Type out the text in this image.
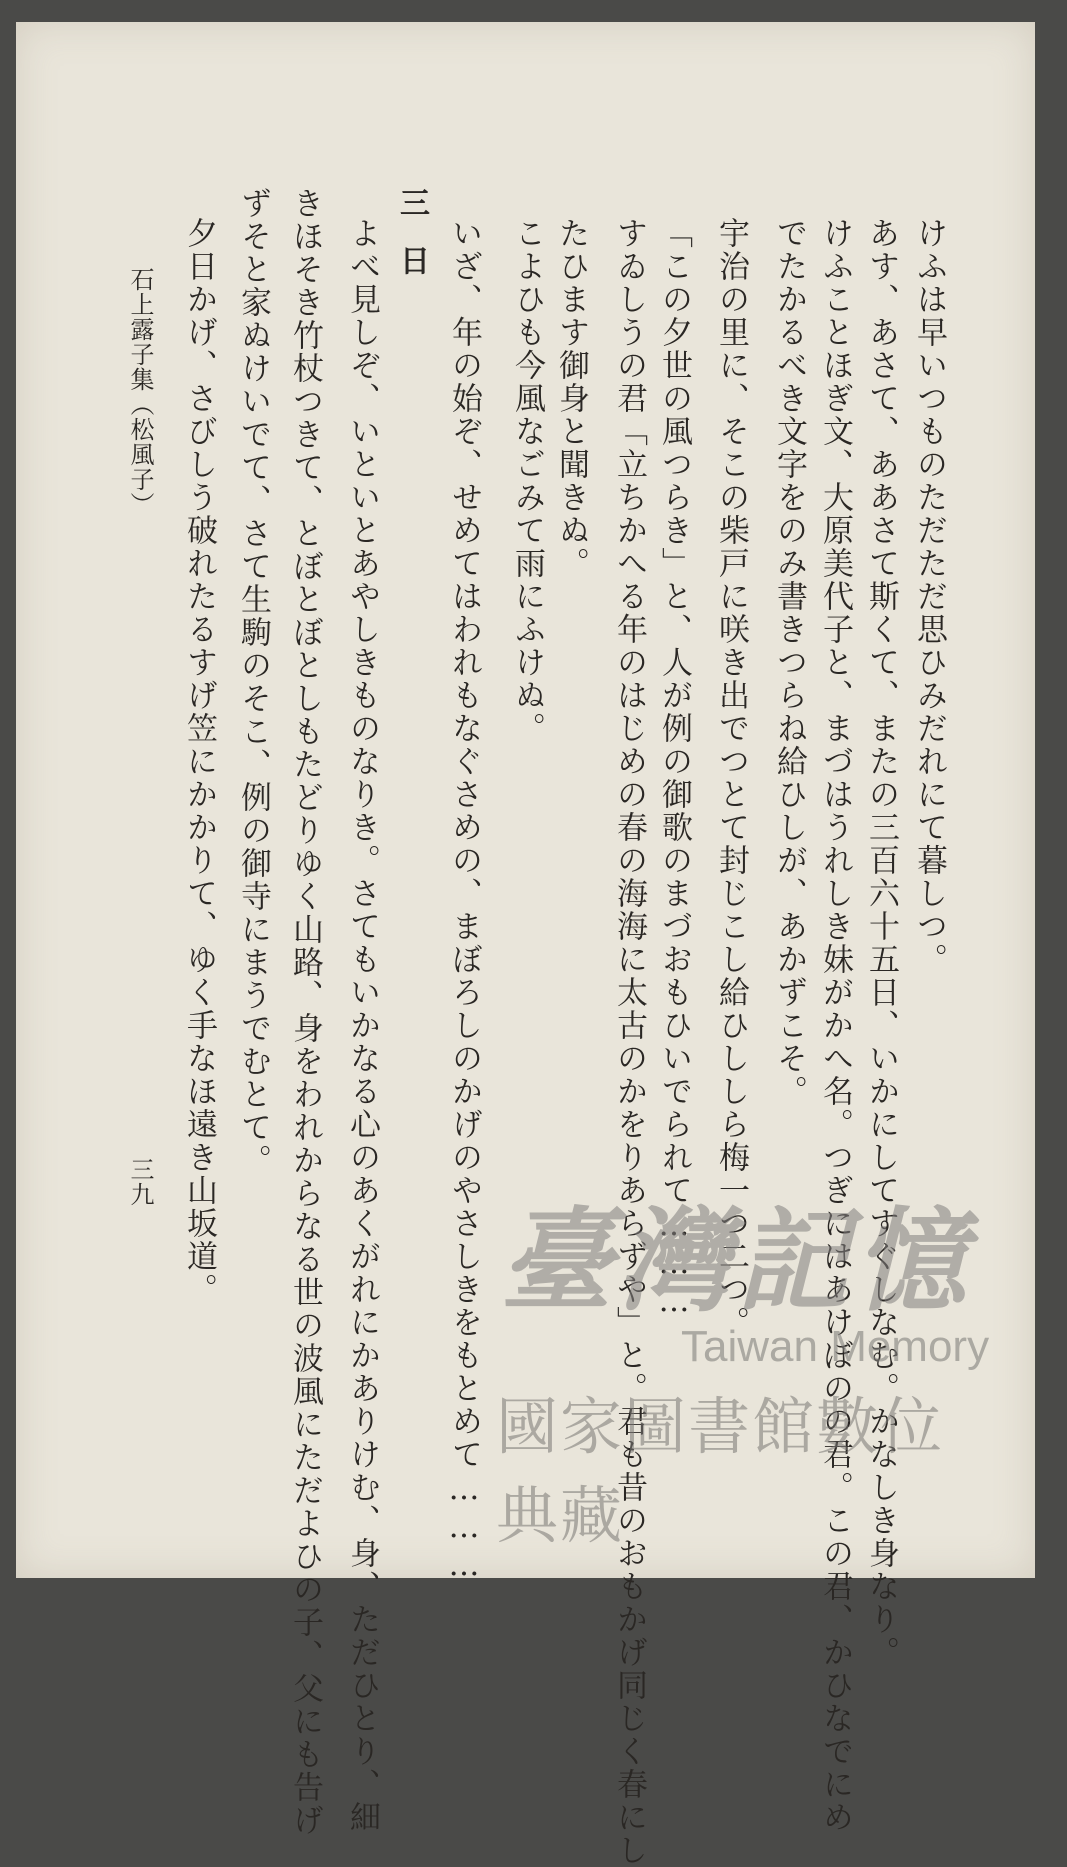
けふは早いつものただただ思ひみだれにて暮しつ。
あす、あさて、ああさて斯くて、またの三百六十五日、いかにしてすぐしなむ。かなしき身なり。
けふことほぎ文、大原美代子と、まづはうれしき妹がかへ名。つぎにはあけぼのの君。この君、かひなでにめ
でたかるべき文字をのみ書きつらね給ひしが、あかずこそ。
宇治の里に、そこの柴戸に咲き出でつとて封じこし給ひししら梅一つ二つ。
「この夕世の風つらき」と、人が例の御歌のまづおもひいでられて………
すゐしうの君「立ちかへる年のはじめの春の海海に太古のかをりあらずや」と。君も昔のおもかげ同じく春にし
たひます御身と聞きぬ。
こよひも今風なごみて雨にふけぬ。
いざ、年の始ぞ、せめてはわれもなぐさめの、まぼろしのかげのやさしきをもとめて………
三日
よべ見しぞ、いといとあやしきものなりき。さてもいかなる心のあくがれにかありけむ、身、ただひとり、細
きほそき竹杖つきて、とぼとぼとしもたどりゆく山路、身をわれからなる世の波風にただよひの子、父にも告げ
ずそと家ぬけいでて、さて生駒のそこ、例の御寺にまうでむとて。
夕日かげ、さびしう破れたるすげ笠にかかりて、ゆく手なほ遠き山坂道。
石上露子集（松風子）
三九
臺灣記憶
Taiwan Memory
國家圖書館數位典藏
